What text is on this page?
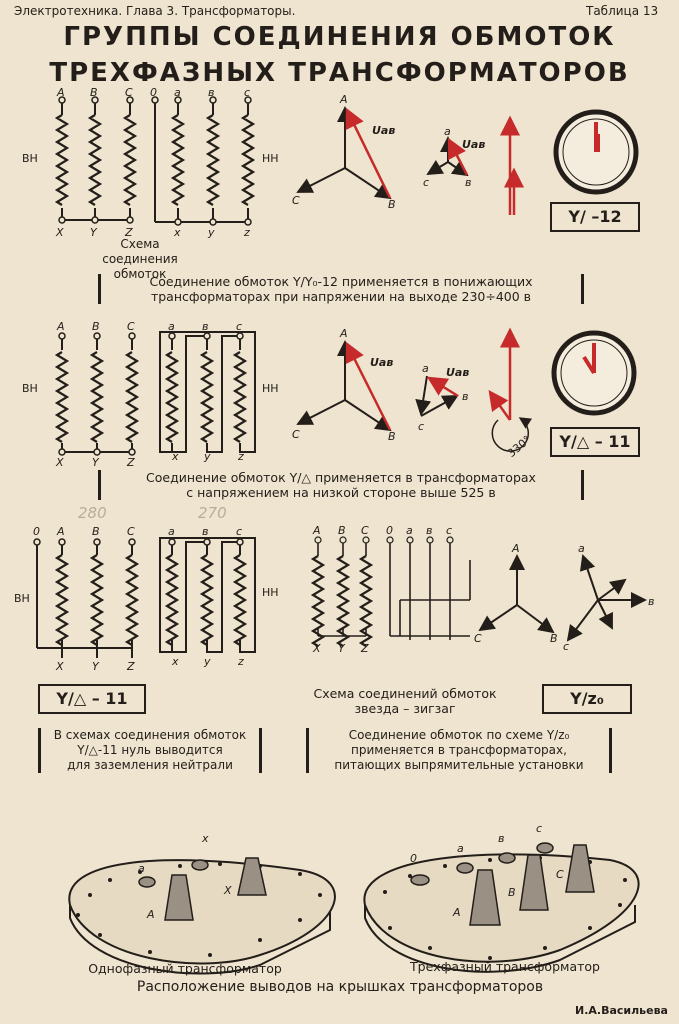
Электротехника. Глава 3. Трансформаторы.	Таблица 13
ГРУППЫ СОЕДИНЕНИЯ ОБМОТОК
ТРЕХФАЗНЫХ ТРАНСФОРМАТОРОВ
A B C 0 a в	c
ВН	НН
X Y	Z	x y	z
Схема
соединения обмоток
A
C	B
Uав	a
c	в
Uав
Y/ –12
Соединение обмоток Y/Y₀-12 применяется в понижающих
трансформаторах при напряжении на выходе 230÷400 в
A B C	a в	c
ВН	НН
X	Y	Z	x y z
A
C	B
Uав	a
c
в
Uав
330°	Y/△ – 11
Соединение обмоток Y/△ применяется в трансформаторах
с напряжением на низкой стороне выше 525 в
280	270
0 A B C	a в	c
ВН	НН
X	Y	Z	x y z
A B C 0 a в c
X Y Z
A
C	B
a
в
c
Y/△ – 11	Схема соединений обмоток
звезда – зигзаг
Y/z₀
В схемах соединения обмоток
Y/△-11 нуль выводится
для заземления нейтрали
Соединение обмоток по схеме Y/z₀
применяется в трансформаторах,
питающих выпрямительные установки
a
x
A
X
0
a
в
c
A
B
C
Однофазный трансформатор	Трехфазный трансформатор
Расположение выводов на крышках трансформаторов
И.А.Васильева
